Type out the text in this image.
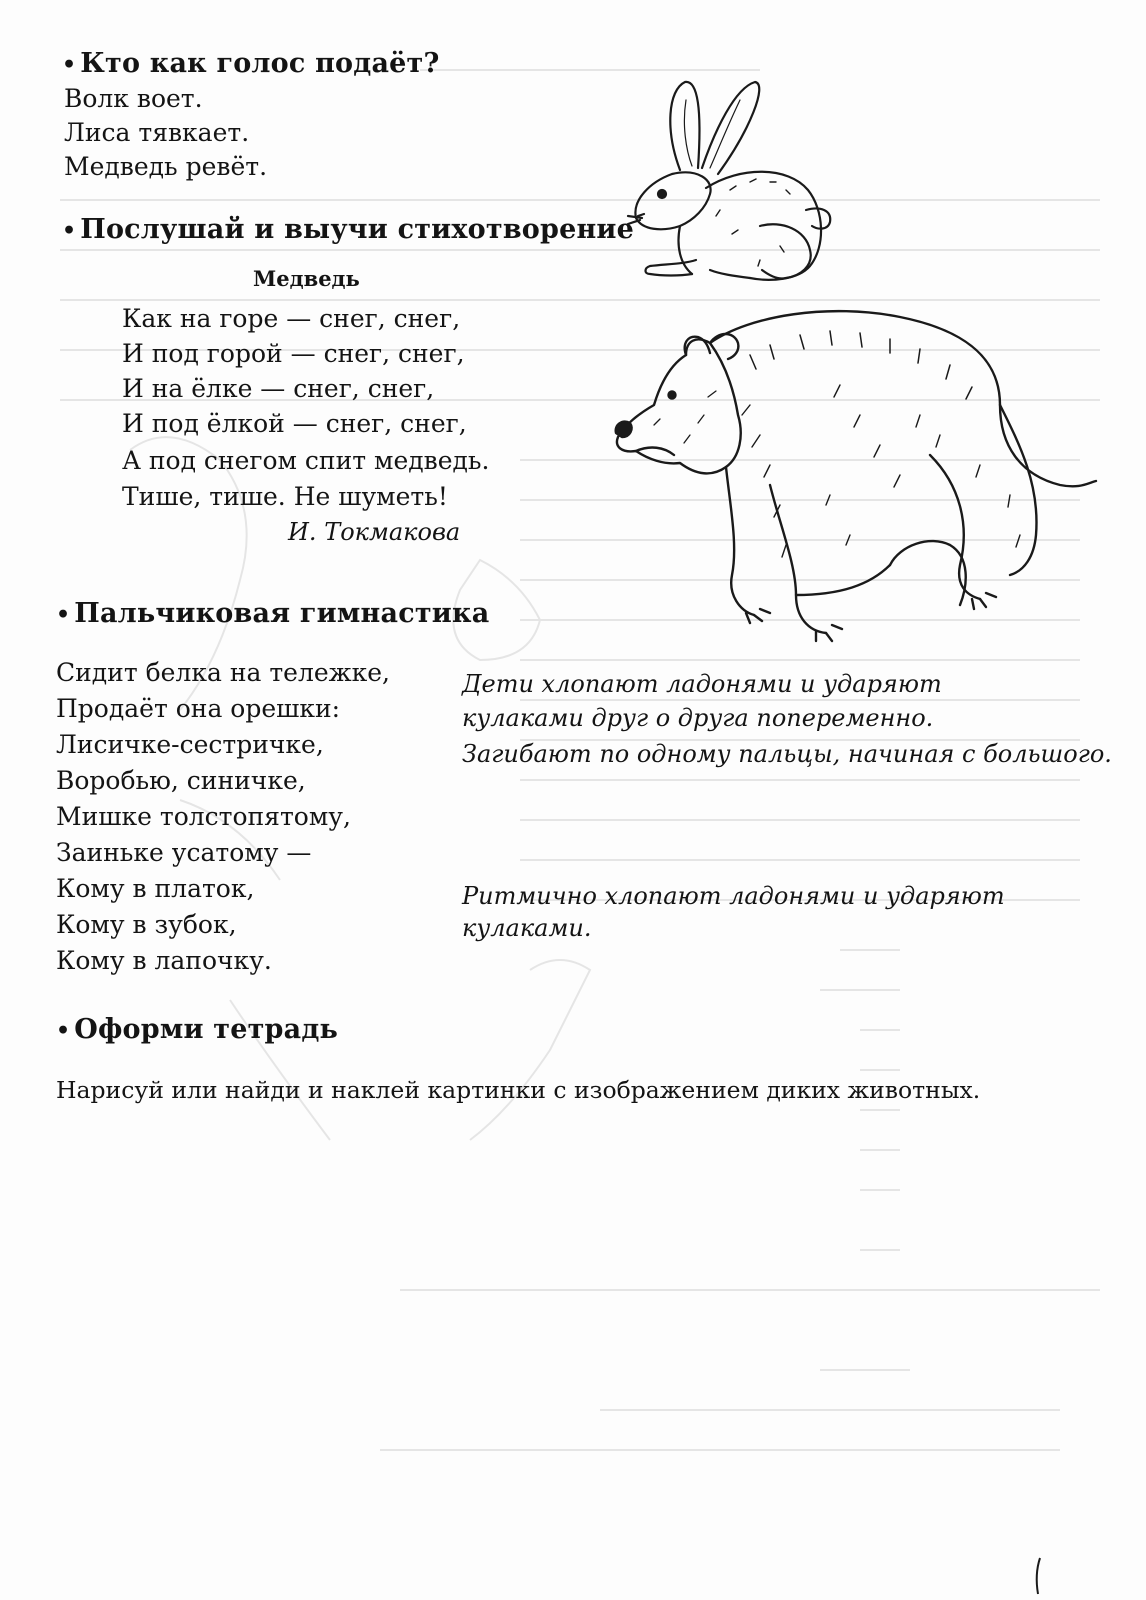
• Кто как голос подаёт?
Волк воет.
Лиса тявкает.
Медведь ревёт.
• Послушай и выучи стихотворение
Медведь
Как на горе — снег, снег,
И под горой — снег, снег,
И на ёлке — снег, снег,
И под ёлкой — снег, снег,
А под снегом спит медведь.
Тише, тише. Не шуметь!
И. Токмакова
• Пальчиковая гимнастика
Сидит белка на тележке,
Продаёт она орешки:
Лисичке-сестричке,
Воробью, синичке,
Мишке толстопятому,
Заиньке усатому —
Кому в платок,
Кому в зубок,
Кому в лапочку.
Дети хлопают ладонями и ударяют
кулаками друг о друга попеременно.
Загибают по одному пальцы, начиная с большого.
Ритмично хлопают ладонями и ударяют
кулаками.
• Оформи тетрадь
Нарисуй или найди и наклей картинки с изображением диких животных.
